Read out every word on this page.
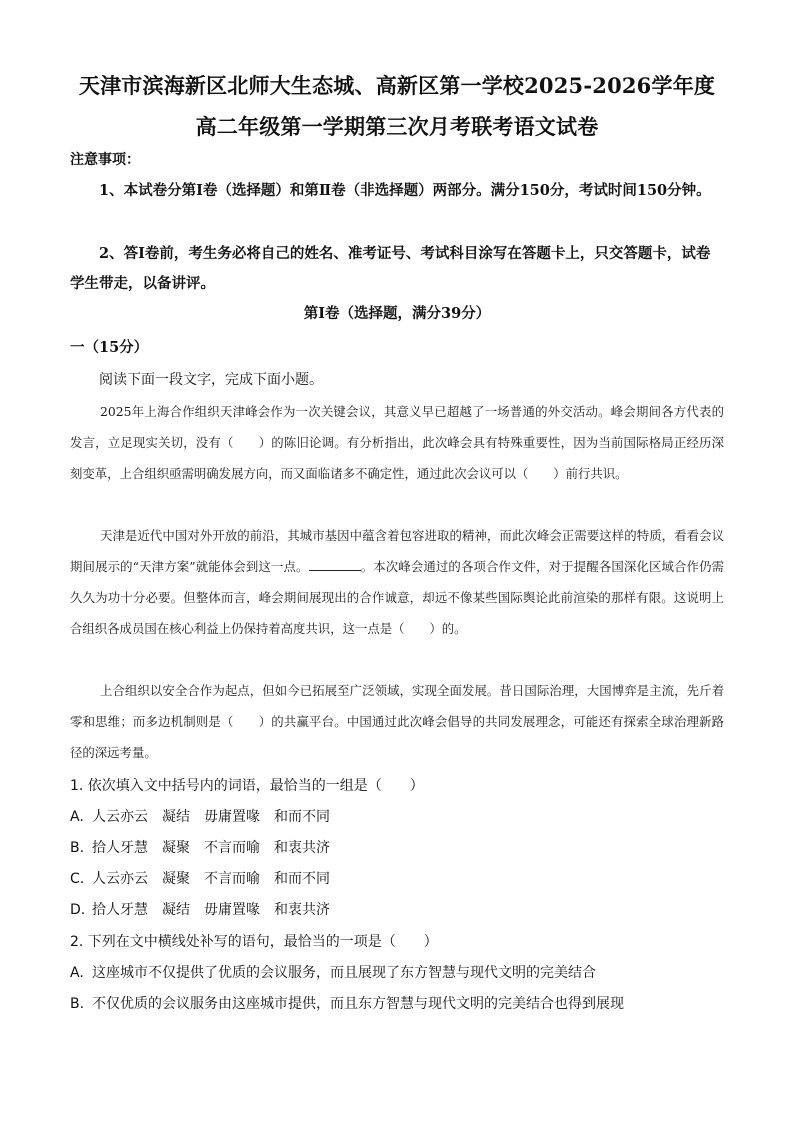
天津市滨海新区北师大生态城、高新区第一学校2025-2026学年度
高二年级第一学期第三次月考联考语文试卷
注意事项：
1、本试卷分第Ⅰ卷（选择题）和第Ⅱ卷（非选择题）两部分。满分150分，考试时间150分钟。
2、答Ⅰ卷前，考生务必将自己的姓名、准考证号、考试科目涂写在答题卡上，只交答题卡，试卷学生带走，以备讲评。
第Ⅰ卷（选择题，满分39分）
一（15分）
阅读下面一段文字，完成下面小题。
2025年上海合作组织天津峰会作为一次关键会议，其意义早已超越了一场普通的外交活动。峰会期间各方代表的发言，立足现实关切，没有（　　）的陈旧论调。有分析指出，此次峰会具有特殊重要性，因为当前国际格局正经历深刻变革，上合组织亟需明确发展方向，而又面临诸多不确定性，通过此次会议可以（　　）前行共识。
天津是近代中国对外开放的前沿，其城市基因中蕴含着包容进取的精神，而此次峰会正需要这样的特质，看看会议期间展示的“天津方案”就能体会到这一点。	。本次峰会通过的各项合作文件，对于提醒各国深化区域合作仍需久久为功十分必要。但整体而言，峰会期间展现出的合作诚意，却远不像某些国际舆论此前渲染的那样有限。这说明上合组织各成员国在核心利益上仍保持着高度共识，这一点是（　　）的。
上合组织以安全合作为起点，但如今已拓展至广泛领域，实现全面发展。昔日国际治理，大国博弈是主流，先斤着零和思维；而多边机制则是（　　）的共赢平台。中国通过此次峰会倡导的共同发展理念，可能还有探索全球治理新路径的深远考量。
1. 依次填入文中括号内的词语，最恰当的一组是（　　）
A. 人云亦云 凝结 毋庸置喙 和而不同
B. 拾人牙慧 凝聚 不言而喻 和衷共济
C. 人云亦云 凝聚 不言而喻 和而不同
D. 拾人牙慧 凝结 毋庸置喙 和衷共济
2. 下列在文中横线处补写的语句，最恰当的一项是（　　）
A. 这座城市不仅提供了优质的会议服务，而且展现了东方智慧与现代文明的完美结合
B. 不仅优质的会议服务由这座城市提供，而且东方智慧与现代文明的完美结合也得到展现
